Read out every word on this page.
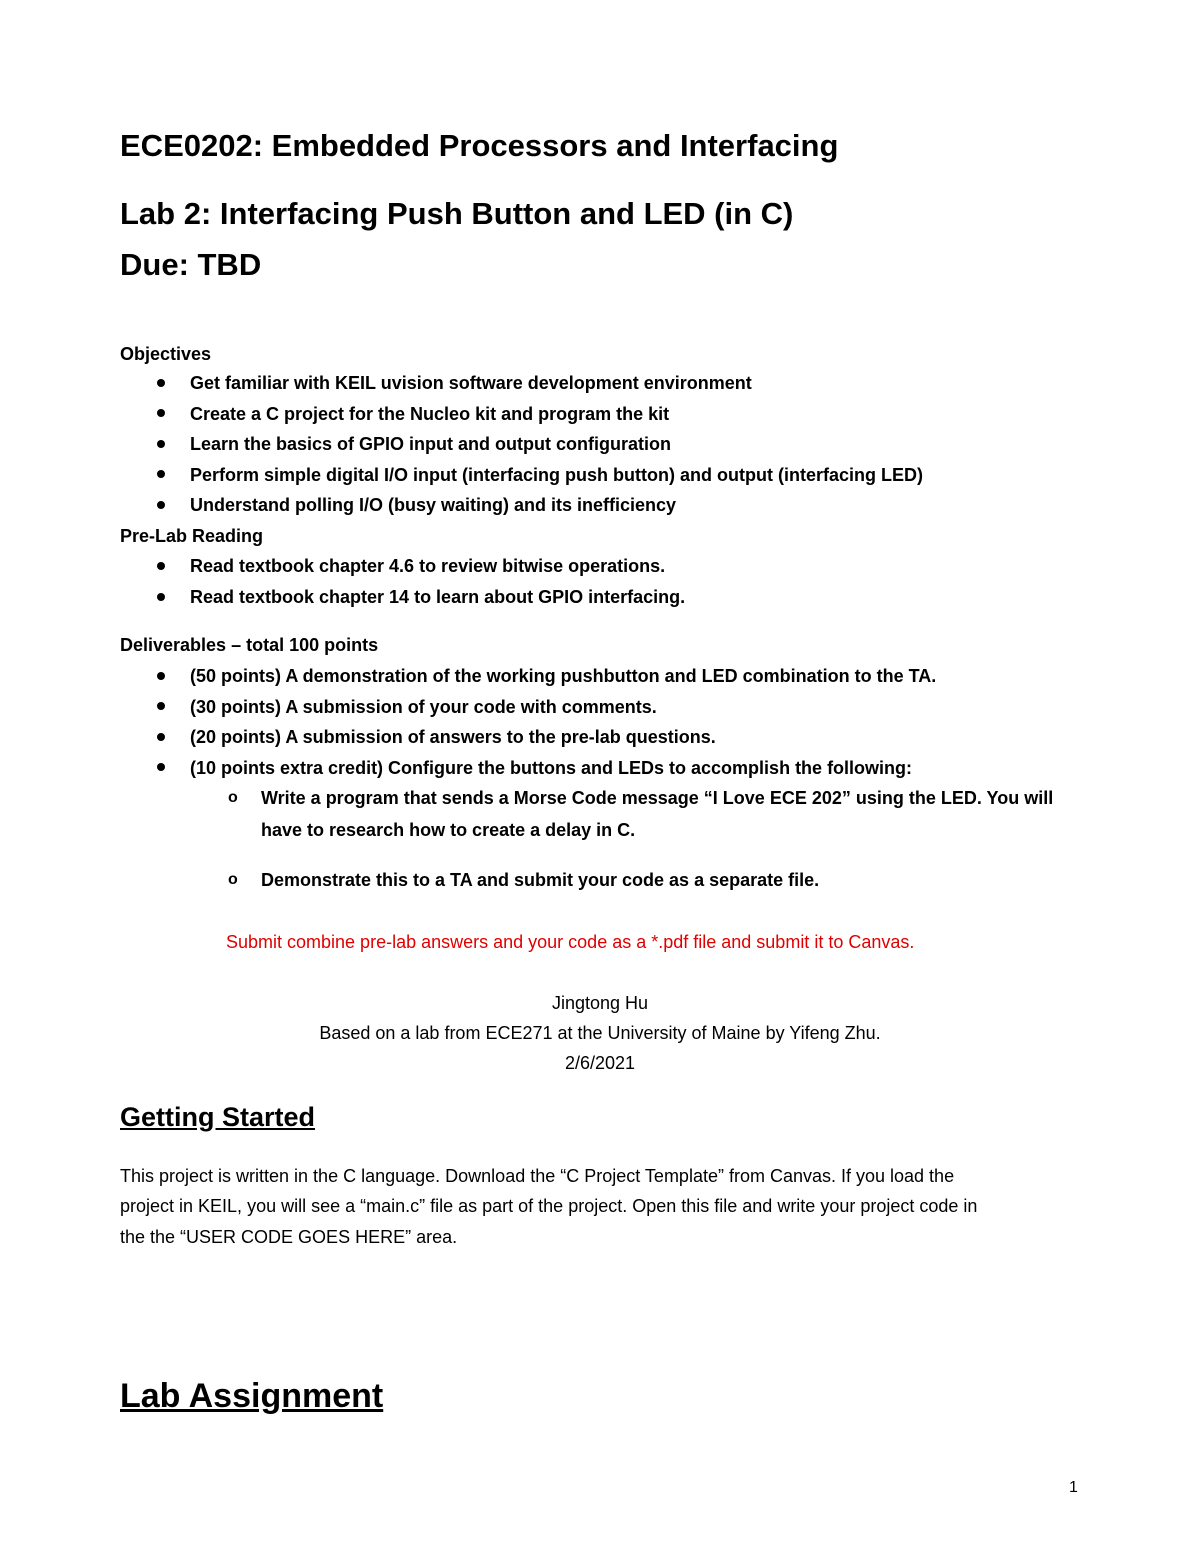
ECE0202: Embedded Processors and Interfacing
Lab 2: Interfacing Push Button and LED (in C)
Due: TBD
Objectives
Get familiar with KEIL uvision software development environment
Create a C project for the Nucleo kit and program the kit
Learn the basics of GPIO input and output configuration
Perform simple digital I/O input (interfacing push button) and output (interfacing LED)
Understand polling I/O (busy waiting) and its inefficiency
Pre-Lab Reading
Read textbook chapter 4.6 to review bitwise operations.
Read textbook chapter 14 to learn about GPIO interfacing.
Deliverables – total 100 points
(50 points) A demonstration of the working pushbutton and LED combination to the TA.
(30 points) A submission of your code with comments.
(20 points) A submission of answers to the pre-lab questions.
(10 points extra credit) Configure the buttons and LEDs to accomplish the following:
o Write a program that sends a Morse Code message “I Love ECE 202” using the LED. You will
have to research how to create a delay in C.
o Demonstrate this to a TA and submit your code as a separate file.
Submit combine pre-lab answers and your code as a *.pdf file and submit it to Canvas.
Jingtong Hu
Based on a lab from ECE271 at the University of Maine by Yifeng Zhu.
2/6/2021
Getting Started
This project is written in the C language. Download the “C Project Template” from Canvas. If you load the
project in KEIL, you will see a “main.c” file as part of the project. Open this file and write your project code in
the the “USER CODE GOES HERE” area.
Lab Assignment
1
